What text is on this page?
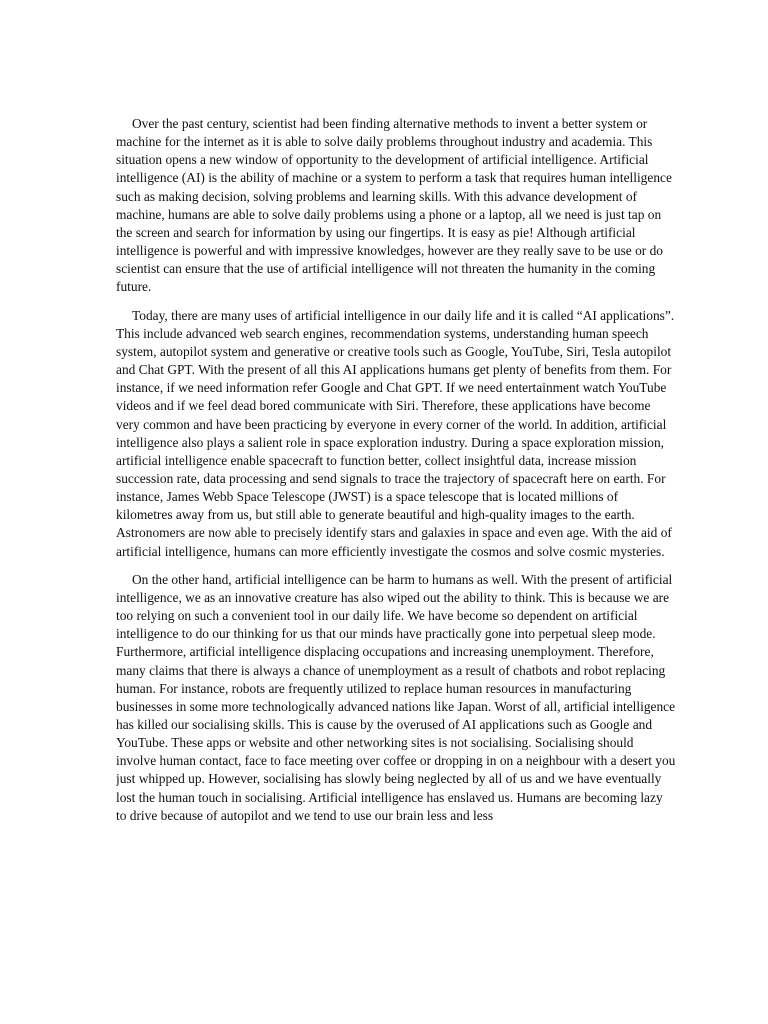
Over the past century, scientist had been finding alternative methods to invent a better system or machine for the internet as it is able to solve daily problems throughout industry and academia. This situation opens a new window of opportunity to the development of artificial intelligence. Artificial intelligence (AI) is the ability of machine or a system to perform a task that requires human intelligence such as making decision, solving problems and learning skills. With this advance development of machine, humans are able to solve daily problems using a phone or a laptop, all we need is just tap on the screen and search for information by using our fingertips. It is easy as pie! Although artificial intelligence is powerful and with impressive knowledges, however are they really save to be use or do scientist can ensure that the use of artificial intelligence will not threaten the humanity in the coming future.

Today, there are many uses of artificial intelligence in our daily life and it is called “AI applications”. This include advanced web search engines, recommendation systems, understanding human speech system, autopilot system and generative or creative tools such as Google, YouTube, Siri, Tesla autopilot and Chat GPT. With the present of all this AI applications humans get plenty of benefits from them. For instance, if we need information refer Google and Chat GPT. If we need entertainment watch YouTube videos and if we feel dead bored communicate with Siri. Therefore, these applications have become very common and have been practicing by everyone in every corner of the world. In addition, artificial intelligence also plays a salient role in space exploration industry. During a space exploration mission, artificial intelligence enable spacecraft to function better, collect insightful data, increase mission succession rate, data processing and send signals to trace the trajectory of spacecraft here on earth. For instance, James Webb Space Telescope (JWST) is a space telescope that is located millions of kilometres away from us, but still able to generate beautiful and high-quality images to the earth. Astronomers are now able to precisely identify stars and galaxies in space and even age. With the aid of artificial intelligence, humans can more efficiently investigate the cosmos and solve cosmic mysteries.

On the other hand, artificial intelligence can be harm to humans as well. With the present of artificial intelligence, we as an innovative creature has also wiped out the ability to think. This is because we are too relying on such a convenient tool in our daily life. We have become so dependent on artificial intelligence to do our thinking for us that our minds have practically gone into perpetual sleep mode. Furthermore, artificial intelligence displacing occupations and increasing unemployment. Therefore, many claims that there is always a chance of unemployment as a result of chatbots and robot replacing human. For instance, robots are frequently utilized to replace human resources in manufacturing businesses in some more technologically advanced nations like Japan. Worst of all, artificial intelligence has killed our socialising skills. This is cause by the overused of AI applications such as Google and YouTube. These apps or website and other networking sites is not socialising. Socialising should involve human contact, face to face meeting over coffee or dropping in on a neighbour with a desert you just whipped up. However, socialising has slowly being neglected by all of us and we have eventually lost the human touch in socialising. Artificial intelligence has enslaved us. Humans are becoming lazy to drive because of autopilot and we tend to use our brain less and less
